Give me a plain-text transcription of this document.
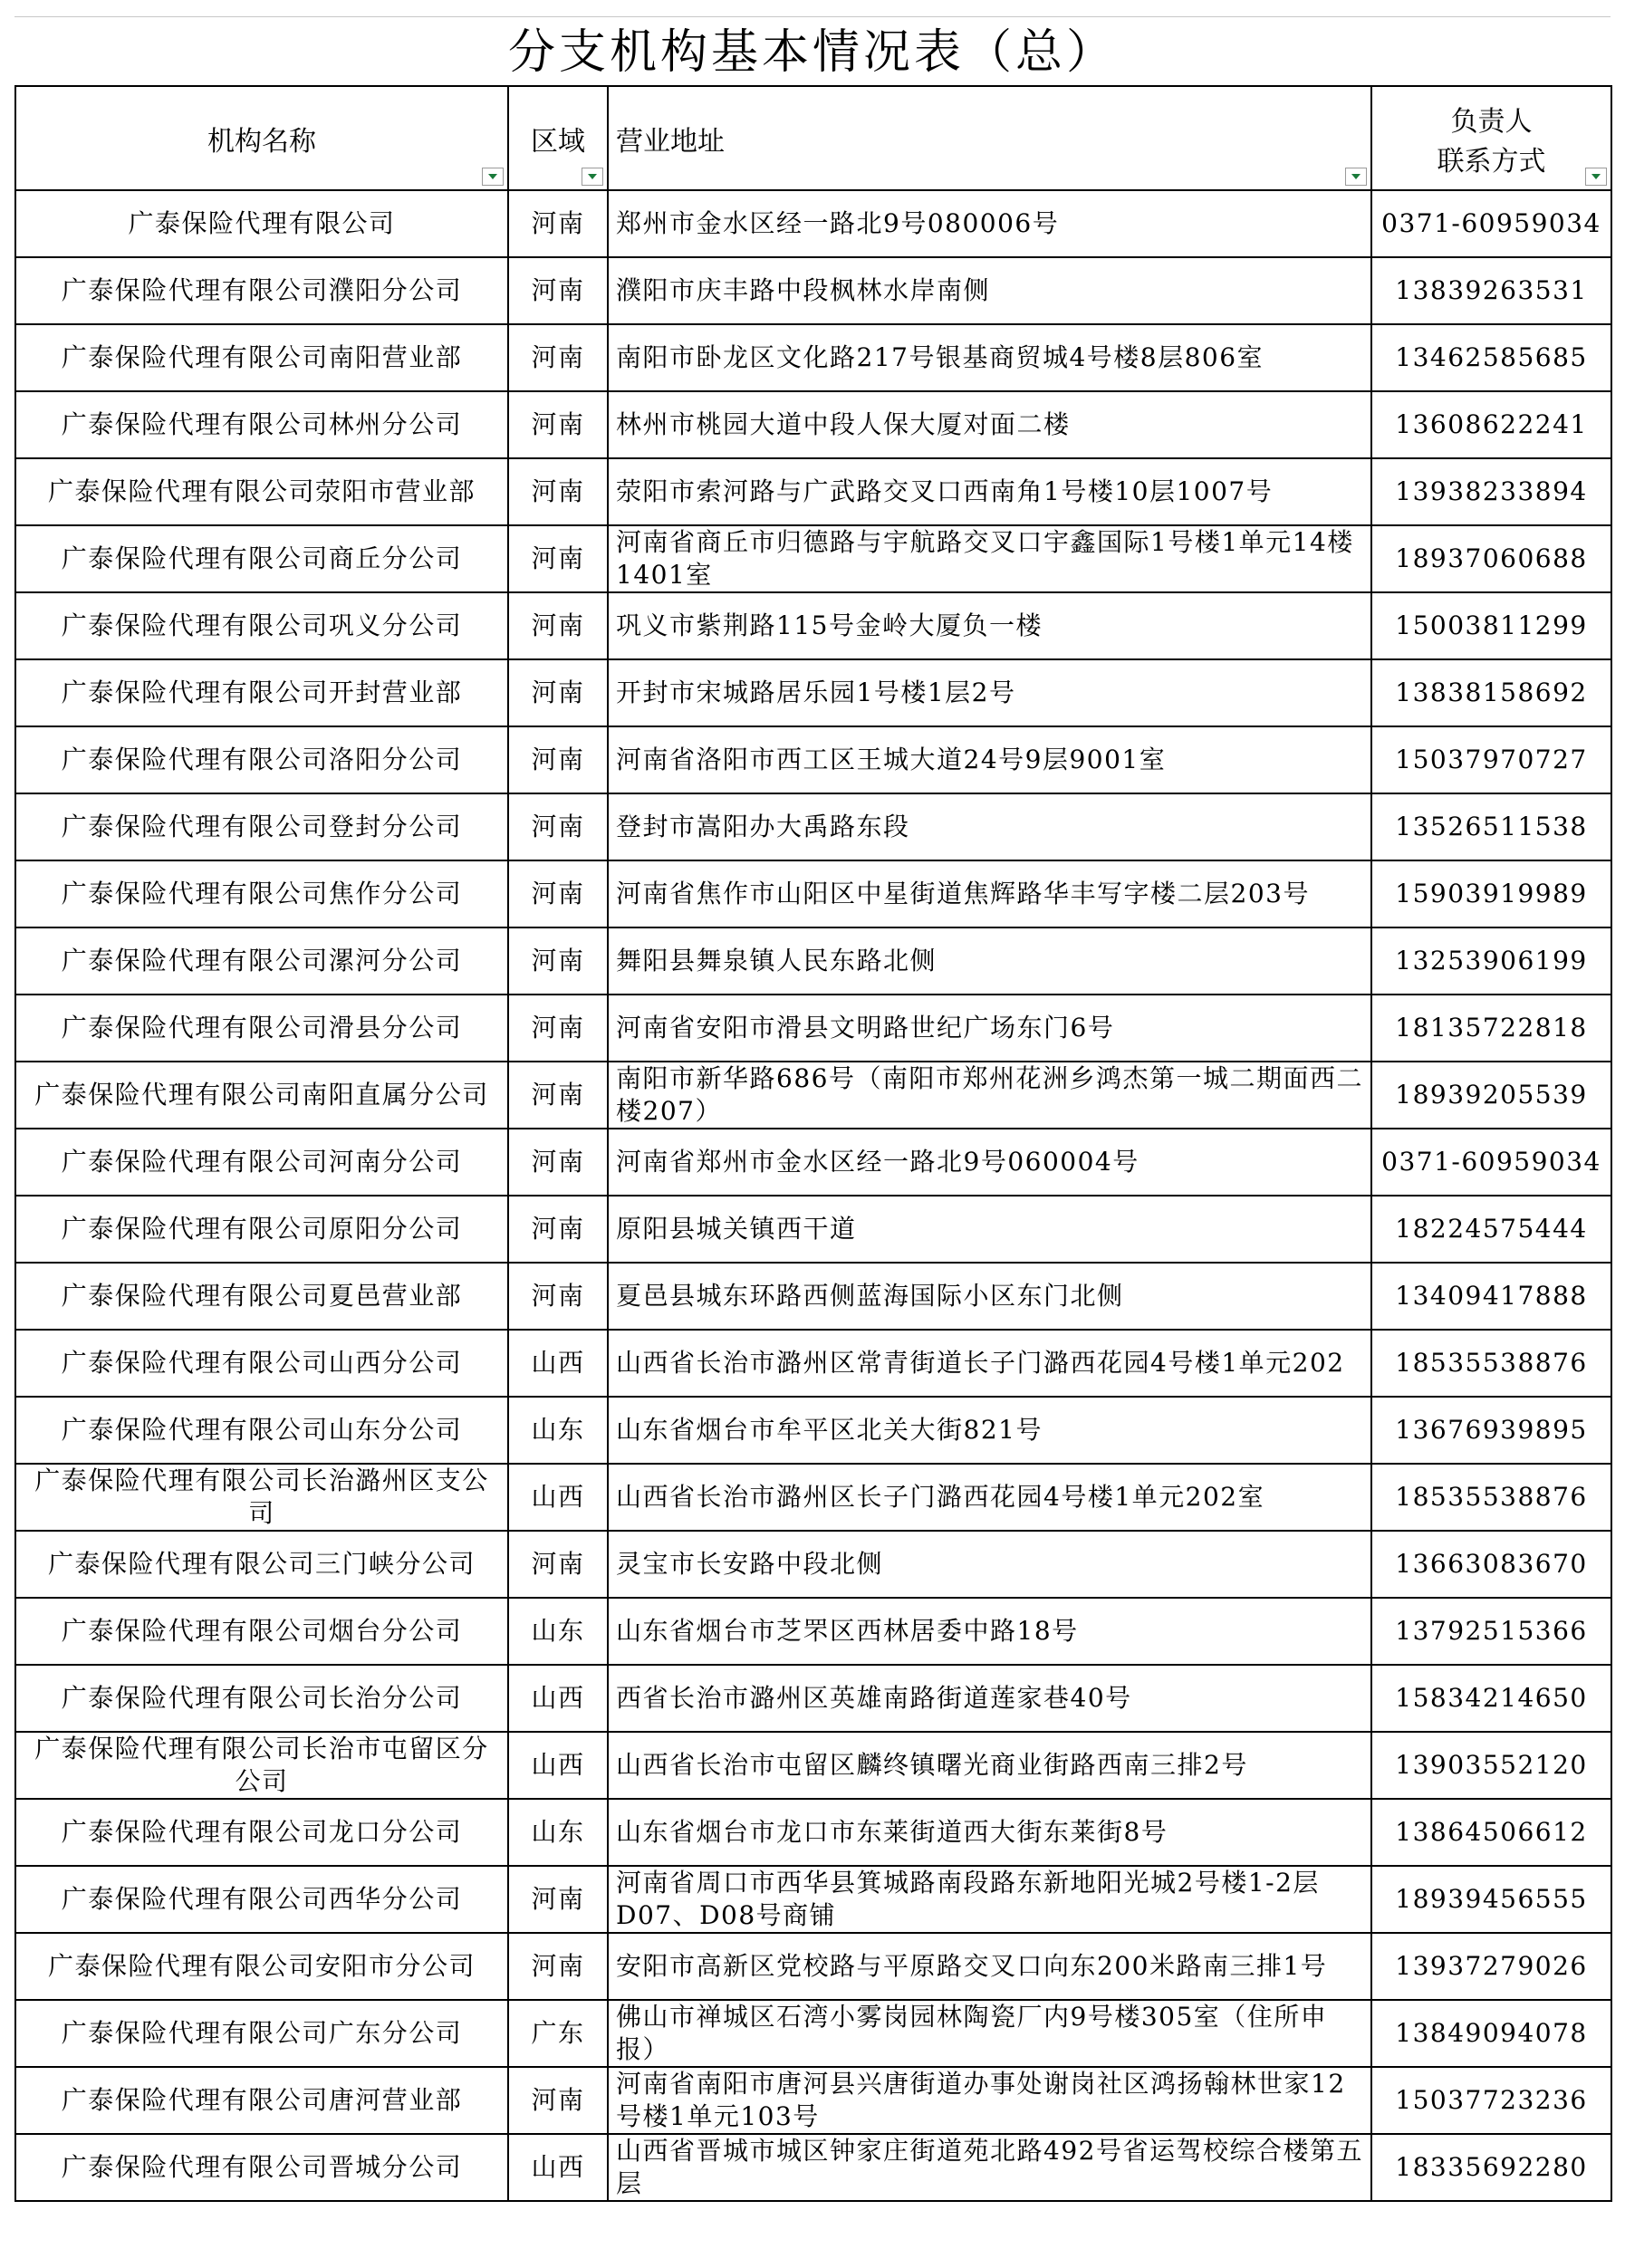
分支机构基本情况表（总）
机构名称	区域	营业地址	负责人
联系方式

广泰保险代理有限公司	河南	郑州市金水区经一路北9号080006号	0371-60959034
广泰保险代理有限公司濮阳分公司	河南	濮阳市庆丰路中段枫林水岸南侧	13839263531
广泰保险代理有限公司南阳营业部	河南	南阳市卧龙区文化路217号银基商贸城4号楼8层806室	13462585685
广泰保险代理有限公司林州分公司	河南	林州市桃园大道中段人保大厦对面二楼	13608622241
广泰保险代理有限公司荥阳市营业部	河南	荥阳市索河路与广武路交叉口西南角1号楼10层1007号	13938233894
广泰保险代理有限公司商丘分公司	河南	河南省商丘市归德路与宇航路交叉口宇鑫国际1号楼1单元14楼1401室	18937060688
广泰保险代理有限公司巩义分公司	河南	巩义市紫荆路115号金岭大厦负一楼	15003811299
广泰保险代理有限公司开封营业部	河南	开封市宋城路居乐园1号楼1层2号	13838158692
广泰保险代理有限公司洛阳分公司	河南	河南省洛阳市西工区王城大道24号9层9001室	15037970727
广泰保险代理有限公司登封分公司	河南	登封市嵩阳办大禹路东段	13526511538
广泰保险代理有限公司焦作分公司	河南	河南省焦作市山阳区中星街道焦辉路华丰写字楼二层203号	15903919989
广泰保险代理有限公司漯河分公司	河南	舞阳县舞泉镇人民东路北侧	13253906199
广泰保险代理有限公司滑县分公司	河南	河南省安阳市滑县文明路世纪广场东门6号	18135722818
广泰保险代理有限公司南阳直属分公司	河南	南阳市新华路686号（南阳市郑州花洲乡鸿杰第一城二期面西二楼207）	18939205539
广泰保险代理有限公司河南分公司	河南	河南省郑州市金水区经一路北9号060004号	0371-60959034
广泰保险代理有限公司原阳分公司	河南	原阳县城关镇西干道	18224575444
广泰保险代理有限公司夏邑营业部	河南	夏邑县城东环路西侧蓝海国际小区东门北侧	13409417888
广泰保险代理有限公司山西分公司	山西	山西省长治市潞州区常青街道长子门潞西花园4号楼1单元202	18535538876
广泰保险代理有限公司山东分公司	山东	山东省烟台市牟平区北关大街821号	13676939895
广泰保险代理有限公司长治潞州区支公司	山西	山西省长治市潞州区长子门潞西花园4号楼1单元202室	18535538876
广泰保险代理有限公司三门峡分公司	河南	灵宝市长安路中段北侧	13663083670
广泰保险代理有限公司烟台分公司	山东	山东省烟台市芝罘区西林居委中路18号	13792515366
广泰保险代理有限公司长治分公司	山西	西省长治市潞州区英雄南路街道莲家巷40号	15834214650
广泰保险代理有限公司长治市屯留区分公司	山西	山西省长治市屯留区麟终镇曙光商业街路西南三排2号	13903552120
广泰保险代理有限公司龙口分公司	山东	山东省烟台市龙口市东莱街道西大街东莱街8号	13864506612
广泰保险代理有限公司西华分公司	河南	河南省周口市西华县箕城路南段路东新地阳光城2号楼1-2层D07、D08号商铺	18939456555
广泰保险代理有限公司安阳市分公司	河南	安阳市高新区党校路与平原路交叉口向东200米路南三排1号	13937279026
广泰保险代理有限公司广东分公司	广东	佛山市禅城区石湾小雾岗园林陶瓷厂内9号楼305室（住所申报）	13849094078
广泰保险代理有限公司唐河营业部	河南	河南省南阳市唐河县兴唐街道办事处谢岗社区鸿扬翰林世家12号楼1单元103号	15037723236
广泰保险代理有限公司晋城分公司	山西	山西省晋城市城区钟家庄街道苑北路492号省运驾校综合楼第五层	18335692280
